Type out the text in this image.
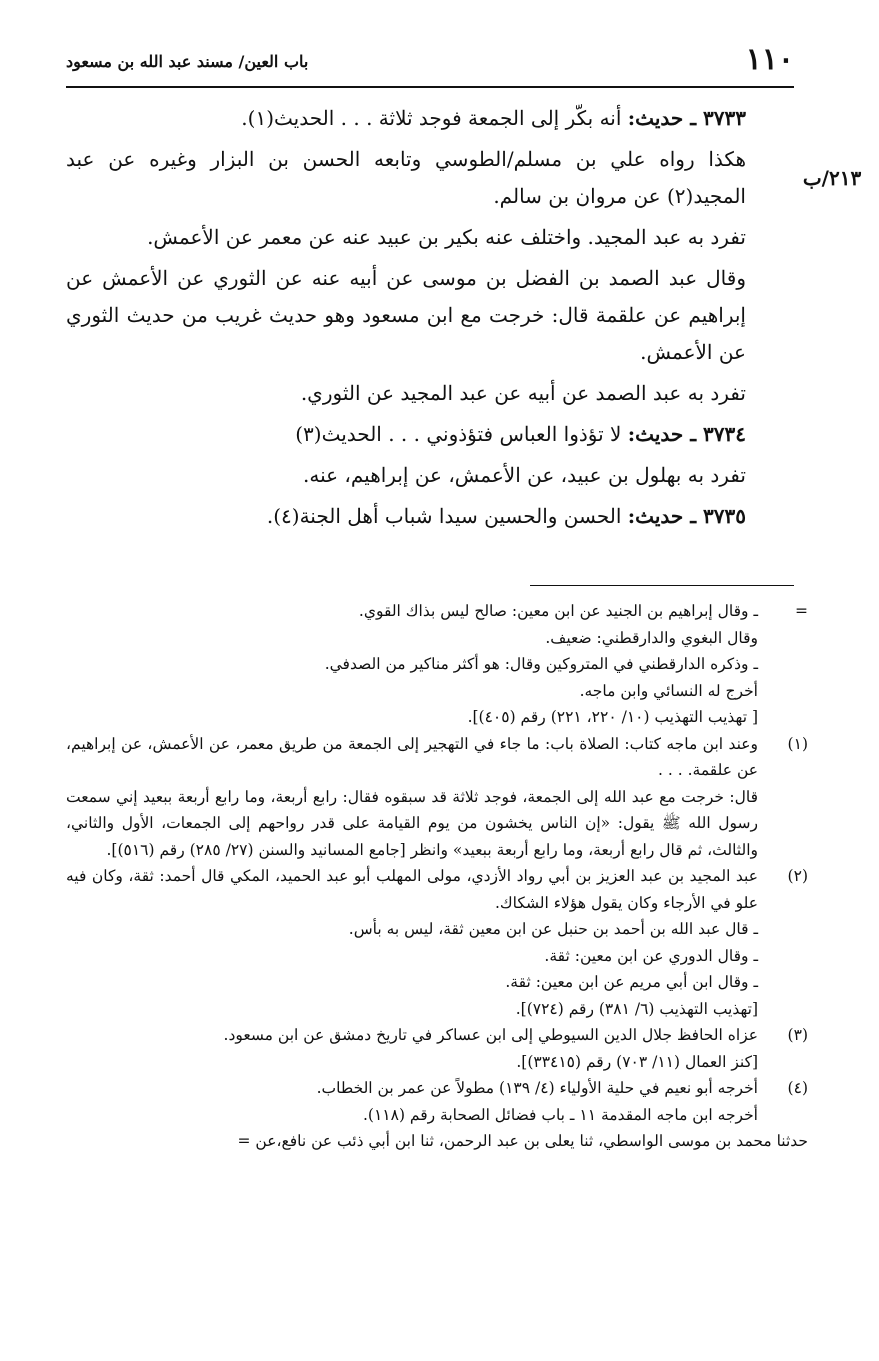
١١٠
باب العين/ مسند عبد الله بن مسعود
٢١٣/ب

٣٧٣٣ ـ حديث: أنه بكّر إلى الجمعة فوجد ثلاثة . . . الحديث(١).

هكذا رواه علي بن مسلم/الطوسي وتابعه الحسن بن البزار وغيره عن عبد المجيد(٢) عن مروان بن سالم.

تفرد به عبد المجيد. واختلف عنه بكير بن عبيد عنه عن معمر عن الأعمش.

وقال عبد الصمد بن الفضل بن موسى عن أبيه عنه عن الثوري عن الأعمش عن إبراهيم عن علقمة قال: خرجت مع ابن مسعود وهو حديث غريب من حديث الثوري عن الأعمش.

تفرد به عبد الصمد عن أبيه عن عبد المجيد عن الثوري.

٣٧٣٤ ـ حديث: لا تؤذوا العباس فتؤذوني . . . الحديث(٣)

تفرد به بهلول بن عبيد، عن الأعمش، عن إبراهيم، عنه.

٣٧٣٥ ـ حديث: الحسن والحسين سيدا شباب أهل الجنة(٤).

=
ـ وقال إبراهيم بن الجنيد عن ابن معين: صالح ليس بذاك القوي.
وقال البغوي والدارقطني: ضعيف.
ـ وذكره الدارقطني في المتروكين وقال: هو أكثر مناكير من الصدفي.
أخرج له النسائي وابن ماجه.
[ تهذيب التهذيب (١٠/ ٢٢٠، ٢٢١) رقم (٤٠٥)].
(١)
وعند ابن ماجه كتاب: الصلاة باب: ما جاء في التهجير إلى الجمعة من طريق معمر، عن الأعمش، عن إبراهيم، عن علقمة. . . .
قال: خرجت مع عبد الله إلى الجمعة، فوجد ثلاثة قد سبقوه فقال: رابع أربعة، وما رابع أربعة ببعيد إني سمعت رسول الله ﷺ يقول: «إن الناس يخشون من يوم القيامة على قدر رواحهم إلى الجمعات، الأول والثاني، والثالث، ثم قال رابع أربعة، وما رابع أربعة ببعيد» وانظر [جامع المسانيد والسنن (٢٧/ ٢٨٥) رقم (٥١٦)].
(٢)
عبد المجيد بن عبد العزيز بن أبي رواد الأزدي، مولى المهلب أبو عبد الحميد، المكي قال أحمد: ثقة، وكان فيه علو في الأرجاء وكان يقول هؤلاء الشكاك.
ـ قال عبد الله بن أحمد بن حنبل عن ابن معين ثقة، ليس به بأس.
ـ وقال الدوري عن ابن معين: ثقة.
ـ وقال ابن أبي مريم عن ابن معين: ثقة.
[تهذيب التهذيب (٦/ ٣٨١) رقم (٧٢٤)].
(٣)
عزاه الحافظ جلال الدين السيوطي إلى ابن عساكر في تاريخ دمشق عن ابن مسعود.
[كنز العمال (١١/ ٧٠٣) رقم (٣٣٤١٥)].
(٤)
أخرجه أبو نعيم في حلية الأولياء (٤/ ١٣٩) مطولاً عن عمر بن الخطاب.
أخرجه ابن ماجه المقدمة ١١ ـ باب فضائل الصحابة رقم (١١٨).
حدثنا محمد بن موسى الواسطي، ثنا يعلى بن عبد الرحمن، ثنا ابن أبي ذئب عن نافع،عن =
